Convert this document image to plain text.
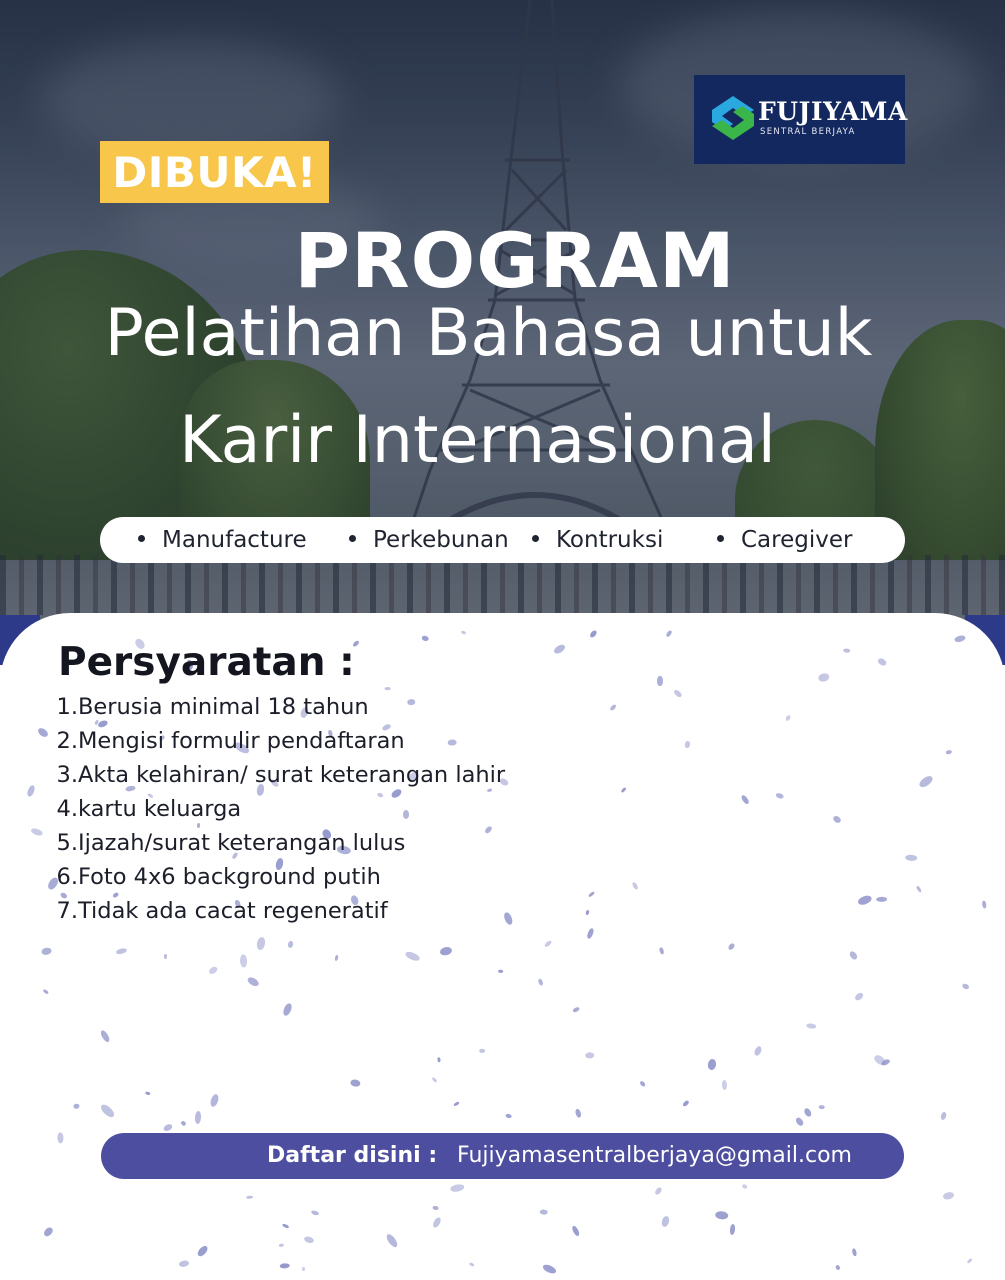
FUJIYAMA
SENTRAL BERJAYA
DIBUKA!
PROGRAM
Pelatihan Bahasa untuk
Karir Internasional
Manufacture	Perkebunan	Kontruksi	Caregiver
Persyaratan :
1.Berusia minimal 18 tahun
2.Mengisi formulir pendaftaran
3.Akta kelahiran/ surat keterangan lahir
4.kartu keluarga
5.Ijazah/surat keterangan lulus
6.Foto 4x6 background putih
7.Tidak ada cacat regeneratif
Daftar disini : Fujiyamasentralberjaya@gmail.com
